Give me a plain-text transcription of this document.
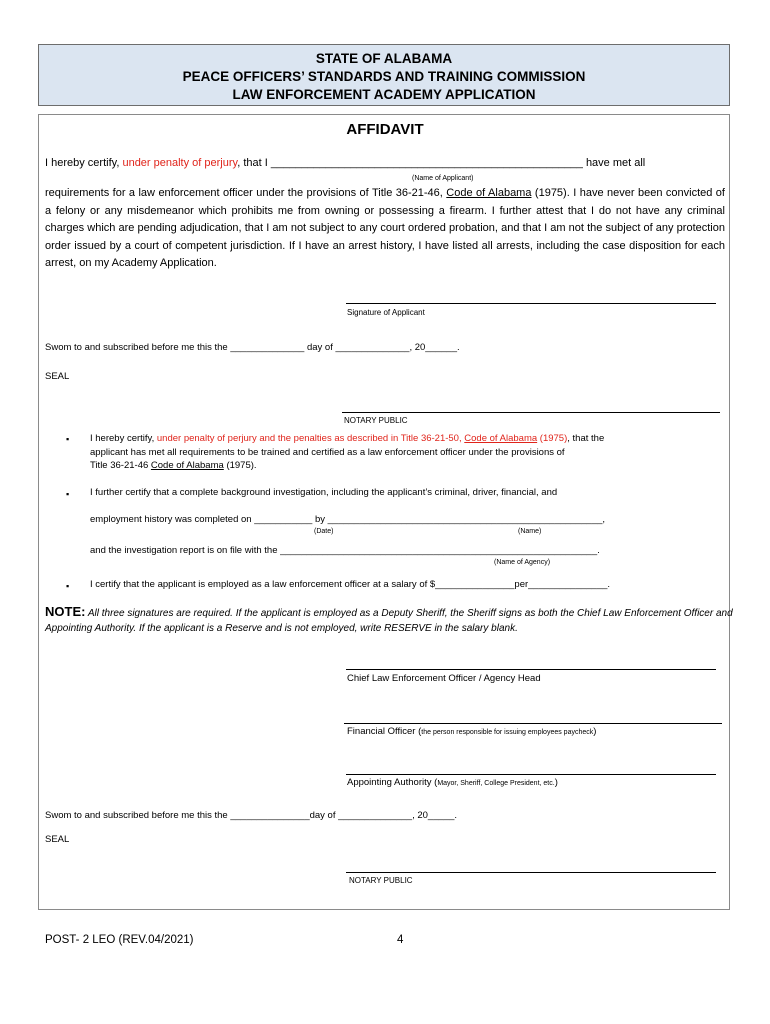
STATE OF ALABAMA
PEACE OFFICERS’ STANDARDS AND TRAINING COMMISSION
LAW ENFORCEMENT ACADEMY APPLICATION
AFFIDAVIT
I hereby certify, under penalty of perjury, that I ___________________________________________________ have met all
(Name of Applicant)
requirements for a law enforcement officer under the provisions of Title 36-21-46, Code of Alabama (1975). I have never been convicted of a felony or any misdemeanor which prohibits me from owning or possessing a firearm. I further attest that I do not have any criminal charges which are pending adjudication, that I am not subject to any court ordered probation, and that I am not the subject of any protection order issued by a court of competent jurisdiction. If I have an arrest history, I have listed all arrests, including the case disposition for each arrest, on my Academy Application.
Signature of Applicant
Swom to and subscribed before me this the ______________ day of ______________, 20______.
SEAL
NOTARY PUBLIC
▪ I hereby certify, under penalty of perjury and the penalties as described in Title 36-21-50, Code of Alabama (1975), that the
applicant has met all requirements to be trained and certified as a law enforcement officer under the provisions of
Title 36-21-46 Code of Alabama (1975).
▪ I further certify that a complete background investigation, including the applicant’s criminal, driver, financial, and
employment history was completed on ___________ by ____________________________________________________,
(Date)	(Name)
and the investigation report is on file with the ____________________________________________________________.
(Name of Agency)
▪ I certify that the applicant is employed as a law enforcement officer at a salary of $_______________per_______________.
NOTE: All three signatures are required. If the applicant is employed as a Deputy Sheriff, the Sheriff signs as both the Chief Law Enforcement Officer and Appointing Authority. If the applicant is a Reserve and is not employed, write RESERVE in the salary blank.
Chief Law Enforcement Officer / Agency Head
Financial Officer (the person responsible for issuing employees paycheck)
Appointing Authority (Mayor, Sheriff, College President, etc.)
Swom to and subscribed before me this the _______________day of ______________, 20_____.
SEAL
NOTARY PUBLIC
POST- 2 LEO (REV.04/2021)	4
